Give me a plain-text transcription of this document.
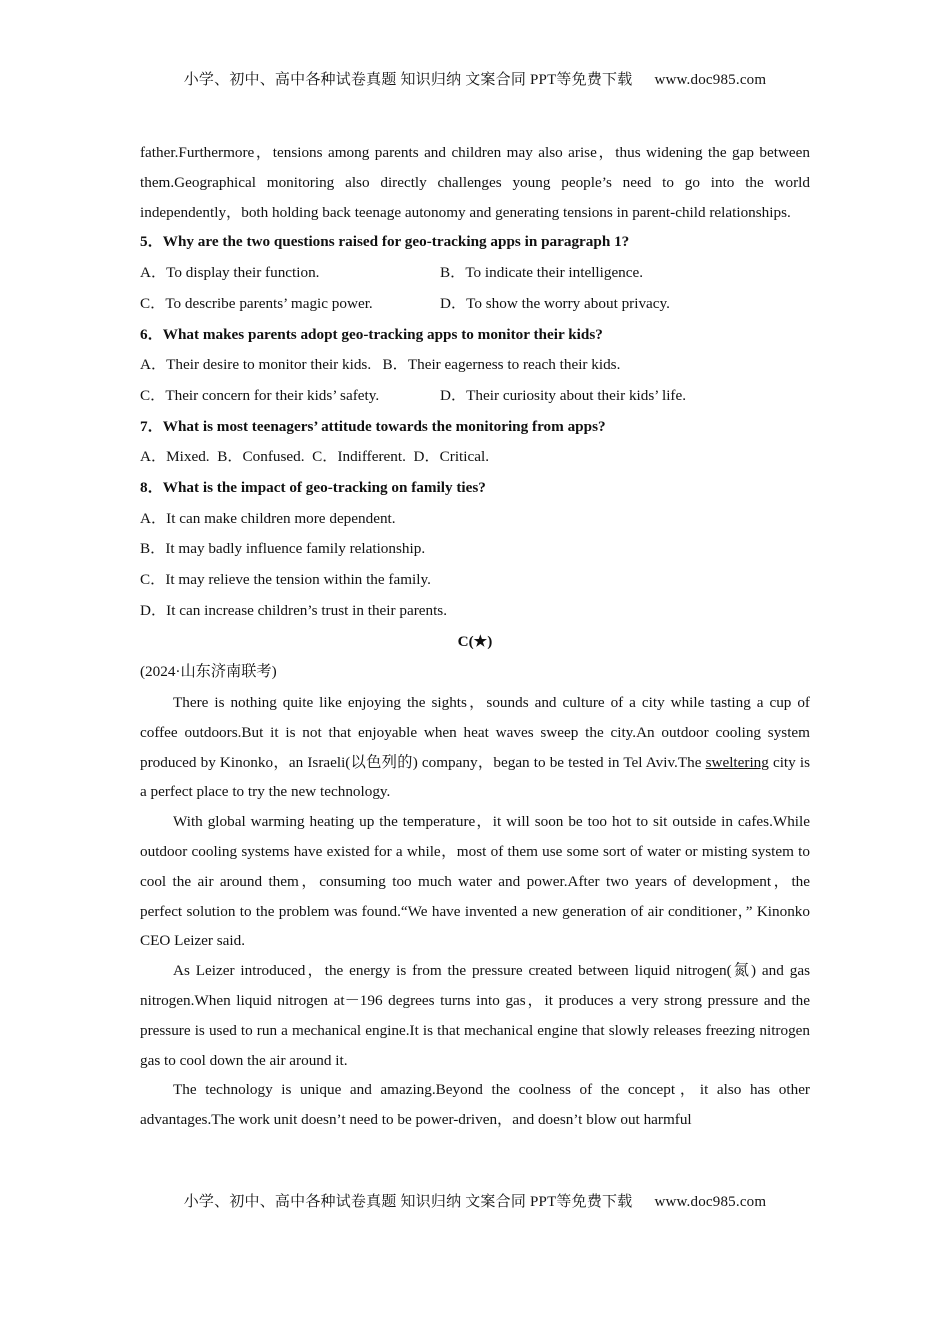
小学、初中、高中各种试卷真题 知识归纳 文案合同 PPT等免费下载 www.doc985.com

father.Furthermore，tensions among parents and children may also arise，thus widening the gap between them.Geographical monitoring also directly challenges young people’s need to go into the world independently，both holding back teenage autonomy and generating tensions in parent-child relationships.

5．Why are the two questions raised for geo-tracking apps in paragraph 1?

A．To display their function.	B．To indicate their intelligence.
C．To describe parents’ magic power.	D．To show the worry about privacy.

6．What makes parents adopt geo-tracking apps to monitor their kids?

A．Their desire to monitor their kids.   B．Their eagerness to reach their kids.

C．Their concern for their kids’ safety.	D．Their curiosity about their kids’ life.

7．What is most teenagers’ attitude towards the monitoring from apps?

A．Mixed.  B．Confused.  C．Indifferent.  D．Critical.

8．What is the impact of geo-tracking on family ties?

A．It can make children more dependent.

B．It may badly influence family relationship.

C．It may relieve the tension within the family.

D．It can increase children’s trust in their parents.

C(★)
(2024·山东济南联考)

There is nothing quite like enjoying the sights，sounds and culture of a city while tasting a cup of coffee outdoors.But it is not that enjoyable when heat waves sweep the city.An outdoor cooling system produced by Kinonko，an Israeli(以色列的) company，began to be tested in Tel Aviv.The sweltering city is a perfect place to try the new technology.

With global warming heating up the temperature，it will soon be too hot to sit outside in cafes.While outdoor cooling systems have existed for a while，most of them use some sort of water or misting system to cool the air around them，consuming too much water and power.After two years of development，the perfect solution to the problem was found.“We have invented a new generation of air conditioner，” Kinonko CEO Leizer said.

As Leizer introduced，the energy is from the pressure created between liquid nitrogen(氮) and gas nitrogen.When liquid nitrogen at－196 degrees turns into gas，it produces a very strong pressure and the pressure is used to run a mechanical engine.It is that mechanical engine that slowly releases freezing nitrogen gas to cool down the air around it.

The technology is unique and amazing.Beyond the coolness of the concept，it also has other advantages.The work unit doesn’t need to be power-driven，and doesn’t blow out harmful

小学、初中、高中各种试卷真题 知识归纳 文案合同 PPT等免费下载 www.doc985.com
